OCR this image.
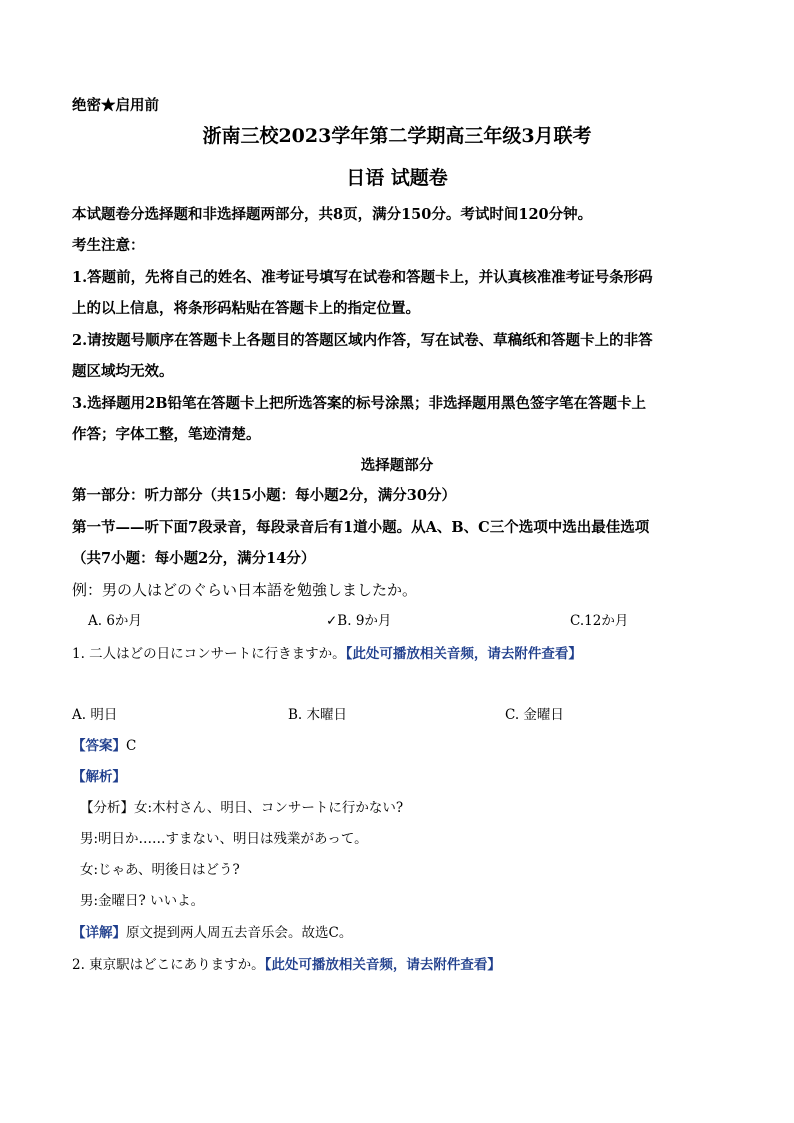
绝密★启用前
浙南三校2023学年第二学期高三年级3月联考
日语 试题卷
本试题卷分选择题和非选择题两部分，共8页，满分150分。考试时间120分钟。
考生注意：
1.答题前，先将自己的姓名、准考证号填写在试卷和答题卡上，并认真核准准考证号条形码
上的以上信息，将条形码粘贴在答题卡上的指定位置。
2.请按题号顺序在答题卡上各题目的答题区域内作答，写在试卷、草稿纸和答题卡上的非答
题区域均无效。
3.选择题用2B铅笔在答题卡上把所选答案的标号涂黑；非选择题用黑色签字笔在答题卡上
作答；字体工整，笔迹清楚。
选择题部分
第一部分：听力部分（共15小题：每小题2分，满分30分）
第一节——听下面7段录音，每段录音后有1道小题。从A、B、C三个选项中选出最佳选项
（共7小题：每小题2分，满分14分）
例：男の人はどのぐらい日本語を勉強しましたか。
A. 6か月	✓B. 9か月	C.12か月
1. 二人はどの日にコンサートに行きますか。【此处可播放相关音频，请去附件查看】
A. 明日	B. 木曜日	C. 金曜日
【答案】C
【解析】
【分析】女:木村さん、明日、コンサートに行かない?
男:明日か……すまない、明日は残業があって。
女:じゃあ、明後日はどう?
男:金曜日? いいよ。
【详解】原文提到两人周五去音乐会。故选C。
2. 東京駅はどこにありますか。【此处可播放相关音频，请去附件查看】
